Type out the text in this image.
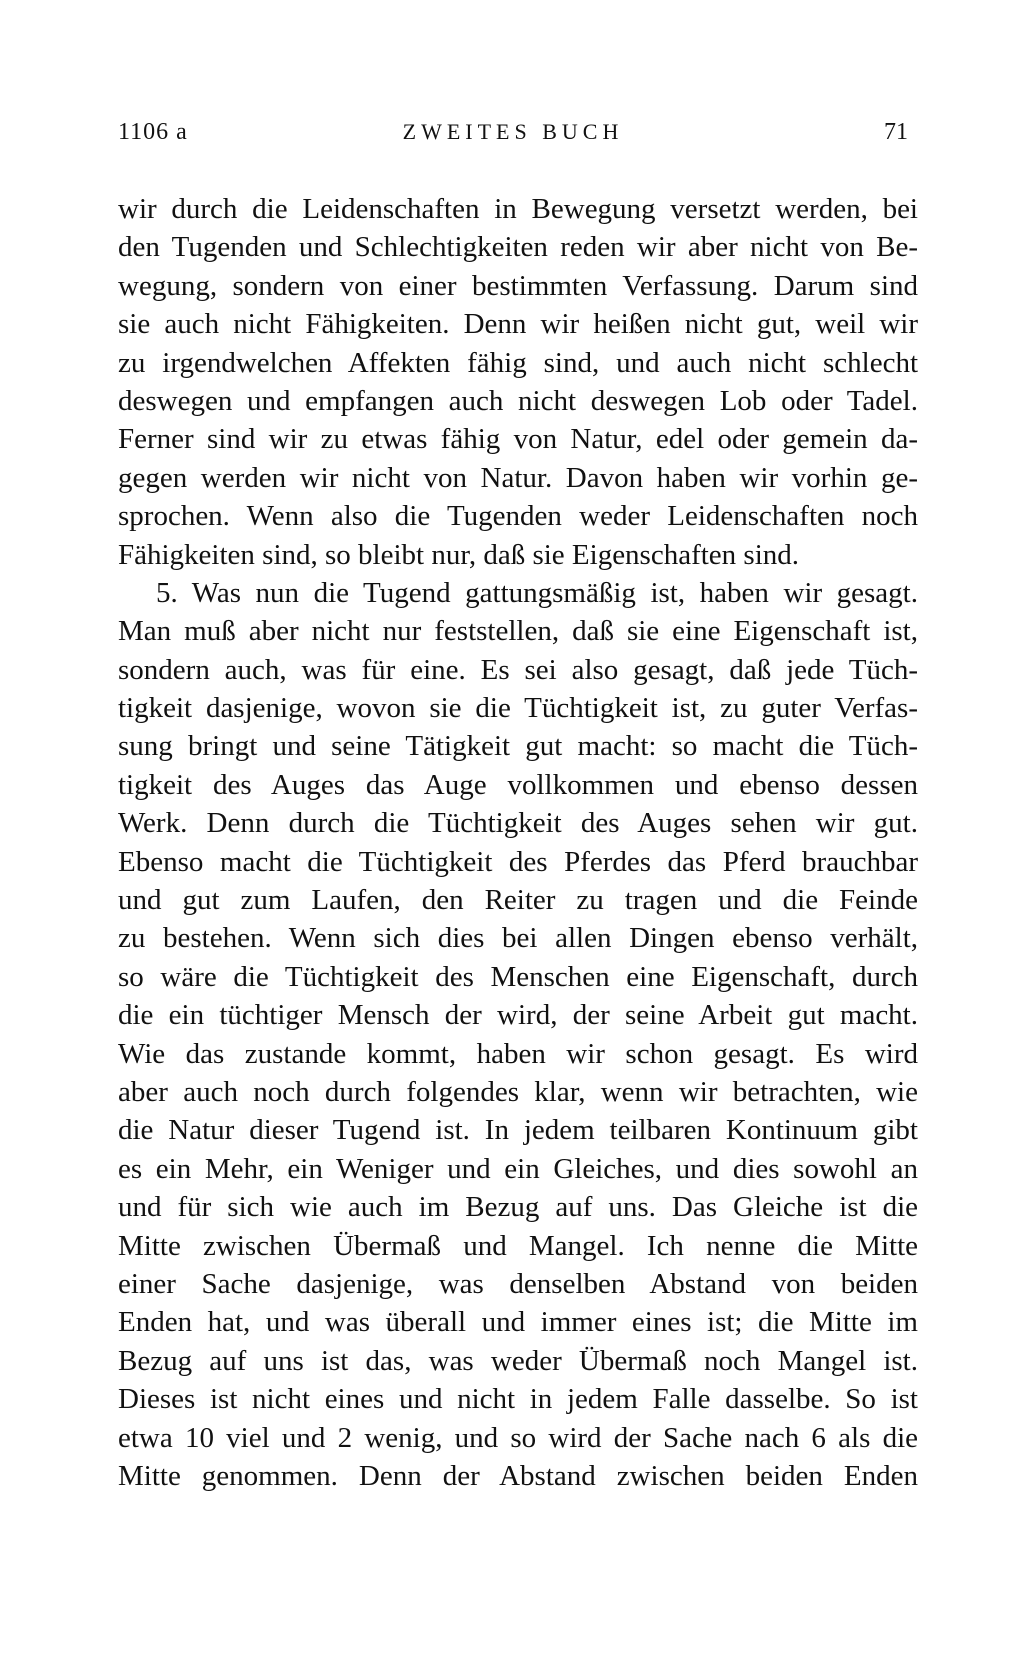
1106 a	ZWEITES BUCH	71
wir durch die Leidenschaften in Bewegung versetzt werden, bei
den Tugenden und Schlechtigkeiten reden wir aber nicht von Be-
wegung, sondern von einer bestimmten Verfassung. Darum sind
sie auch nicht Fähigkeiten. Denn wir heißen nicht gut, weil wir
zu irgendwelchen Affekten fähig sind, und auch nicht schlecht
deswegen und empfangen auch nicht deswegen Lob oder Tadel.
Ferner sind wir zu etwas fähig von Natur, edel oder gemein da-
gegen werden wir nicht von Natur. Davon haben wir vorhin ge-
sprochen. Wenn also die Tugenden weder Leidenschaften noch
Fähigkeiten sind, so bleibt nur, daß sie Eigenschaften sind.
5. Was nun die Tugend gattungsmäßig ist, haben wir gesagt.
Man muß aber nicht nur feststellen, daß sie eine Eigenschaft ist,
sondern auch, was für eine. Es sei also gesagt, daß jede Tüch-
tigkeit dasjenige, wovon sie die Tüchtigkeit ist, zu guter Verfas-
sung bringt und seine Tätigkeit gut macht: so macht die Tüch-
tigkeit des Auges das Auge vollkommen und ebenso dessen
Werk. Denn durch die Tüchtigkeit des Auges sehen wir gut.
Ebenso macht die Tüchtigkeit des Pferdes das Pferd brauchbar
und gut zum Laufen, den Reiter zu tragen und die Feinde
zu bestehen. Wenn sich dies bei allen Dingen ebenso verhält,
so wäre die Tüchtigkeit des Menschen eine Eigenschaft, durch
die ein tüchtiger Mensch der wird, der seine Arbeit gut macht.
Wie das zustande kommt, haben wir schon gesagt. Es wird
aber auch noch durch folgendes klar, wenn wir betrachten, wie
die Natur dieser Tugend ist. In jedem teilbaren Kontinuum gibt
es ein Mehr, ein Weniger und ein Gleiches, und dies sowohl an
und für sich wie auch im Bezug auf uns. Das Gleiche ist die
Mitte zwischen Übermaß und Mangel. Ich nenne die Mitte
einer Sache dasjenige, was denselben Abstand von beiden
Enden hat, und was überall und immer eines ist; die Mitte im
Bezug auf uns ist das, was weder Übermaß noch Mangel ist.
Dieses ist nicht eines und nicht in jedem Falle dasselbe. So ist
etwa 10 viel und 2 wenig, und so wird der Sache nach 6 als die
Mitte genommen. Denn der Abstand zwischen beiden Enden
